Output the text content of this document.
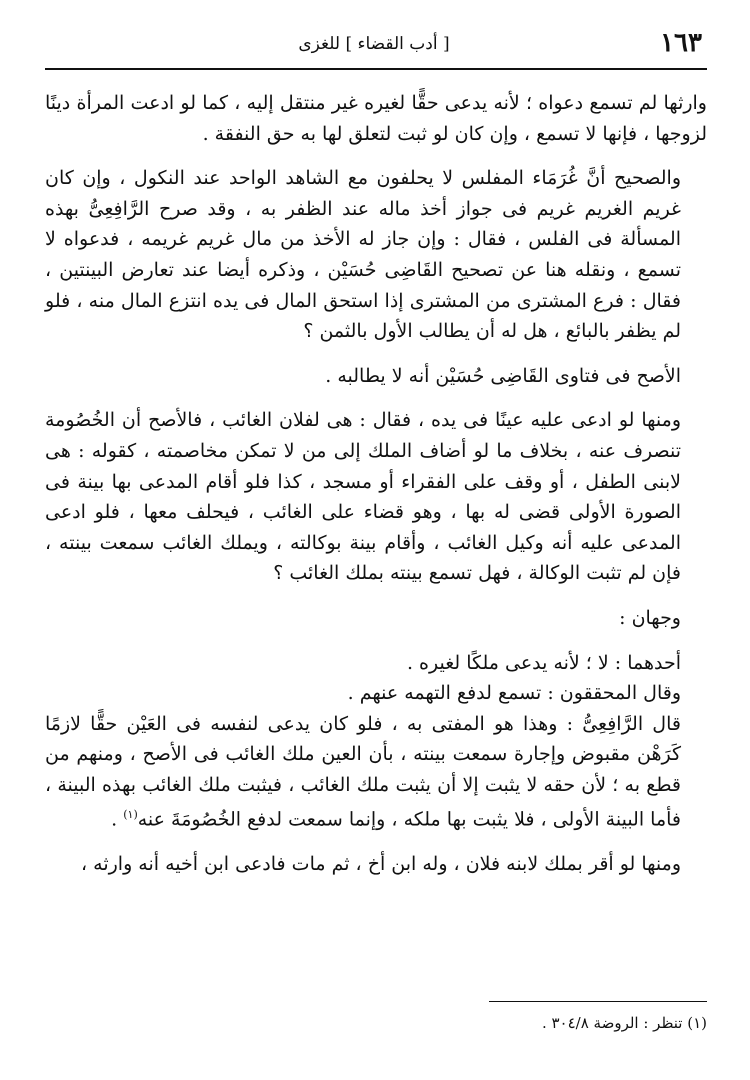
١٦٣
[ أدب القضاء ] للغزى

وارثها لم تسمع دعواه ؛ لأنه يدعى حقًّا لغيره غير منتقل إليه ، كما لو ادعت المرأة دينًا لزوجها ، فإنها لا تسمع ، وإن كان لو ثبت لتعلق لها به حق النفقة .

والصحيح أنَّ غُرَمَاء المفلس لا يحلفون مع الشاهد الواحد عند النكول ، وإن كان غريم الغريم غريم فى جواز أخذ ماله عند الظفر به ، وقد صرح الرَّافِعِىُّ بهذه المسألة فى الفلس ، فقال : وإن جاز له الأخذ من مال غريم غريمه ، فدعواه لا تسمع ، ونقله هنا عن تصحيح القَاضِى حُسَيْن ، وذكره أيضا عند تعارض البينتين ، فقال : فرع المشترى من المشترى إذا استحق المال فى يده انتزع المال منه ، فلو لم يظفر بالبائع ، هل له أن يطالب الأول بالثمن ؟

الأصح فى فتاوى القَاضِى حُسَيْن أنه لا يطالبه .

ومنها لو ادعى عليه عينًا فى يده ، فقال : هى لفلان الغائب ، فالأصح أن الخُصُومة تنصرف عنه ، بخلاف ما لو أضاف الملك إلى من لا تمكن مخاصمته ، كقوله : هى لابنى الطفل ، أو وقف على الفقراء أو مسجد ، كذا فلو أقام المدعى بها بينة فى الصورة الأولى قضى له بها ، وهو قضاء على الغائب ، فيحلف معها ، فلو ادعى المدعى عليه أنه وكيل الغائب ، وأقام بينة بوكالته ، ويملك الغائب سمعت بينته ، فإن لم تثبت الوكالة ، فهل تسمع بينته بملك الغائب ؟

وجهان :

أحدهما : لا ؛ لأنه يدعى ملكًا لغيره .

وقال المحققون : تسمع لدفع التهمه عنهم .

قال الرَّافِعِىُّ : وهذا هو المفتى به ، فلو كان يدعى لنفسه فى العَيْن حقًّا لازمًا كَرَهْن مقبوض وإجارة سمعت بينته ، بأن العين ملك الغائب فى الأصح ، ومنهم من قطع به ؛ لأن حقه لا يثبت إلا أن يثبت ملك الغائب ، فيثبت ملك الغائب بهذه البينة ، فأما البينة الأولى ، فلا يثبت بها ملكه ، وإنما سمعت لدفع الخُصُومَةَ عنه$^{(١)}$ .

ومنها لو أقر بملك لابنه فلان ، وله ابن أخ ، ثم مات فادعى ابن أخيه أنه وارثه ،

(١) تنظر : الروضة ٣٠٤/٨ .
